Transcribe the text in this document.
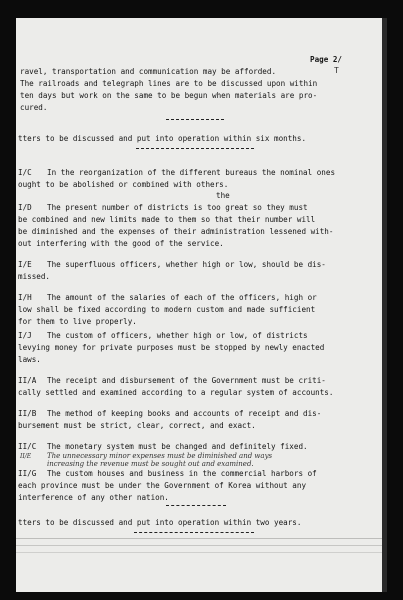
Page 2/
T
ravel, transportation and communication may be afforded.
The railroads and telegraph lines are to be discussed upon within
ten days but work on the same to be begun when materials are pro-
cured.
tters to be discussed and put into operation within six months.
I/C In the reorganization of the different bureaus the nominal ones
ought to be abolished or combined with others.
the
I/D The present number of districts is too great so they must
be combined and new limits made to them so that their number will
be diminished and the expenses of their administration lessened with-
out interfering with the good of the service.
I/E The superfluous officers, whether high or low, should be dis-
missed.
I/H The amount of the salaries of each of the officers, high or
low shall be fixed according to modern custom and made sufficient
for them to live properly.
I/J The custom of officers, whether high or low, of districts
levying money for private purposes must be stopped by newly enacted
laws.
II/A The receipt and disbursement of the Government must be criti-
cally settled and examined according to a regular system of accounts.
II/B The method of keeping books and accounts of receipt and dis-
bursement must be strict, clear, correct, and exact.
II/C The monetary system must be changed and definitely fixed.
II/E The unnecessary minor expenses must be diminished and ways
increasing the revenue must be sought out and examined.
II/G The custom houses and business in the commercial harbors of
each province must be under the Government of Korea without any
interference of any other nation.
tters to be discussed and put into operation within two years.
